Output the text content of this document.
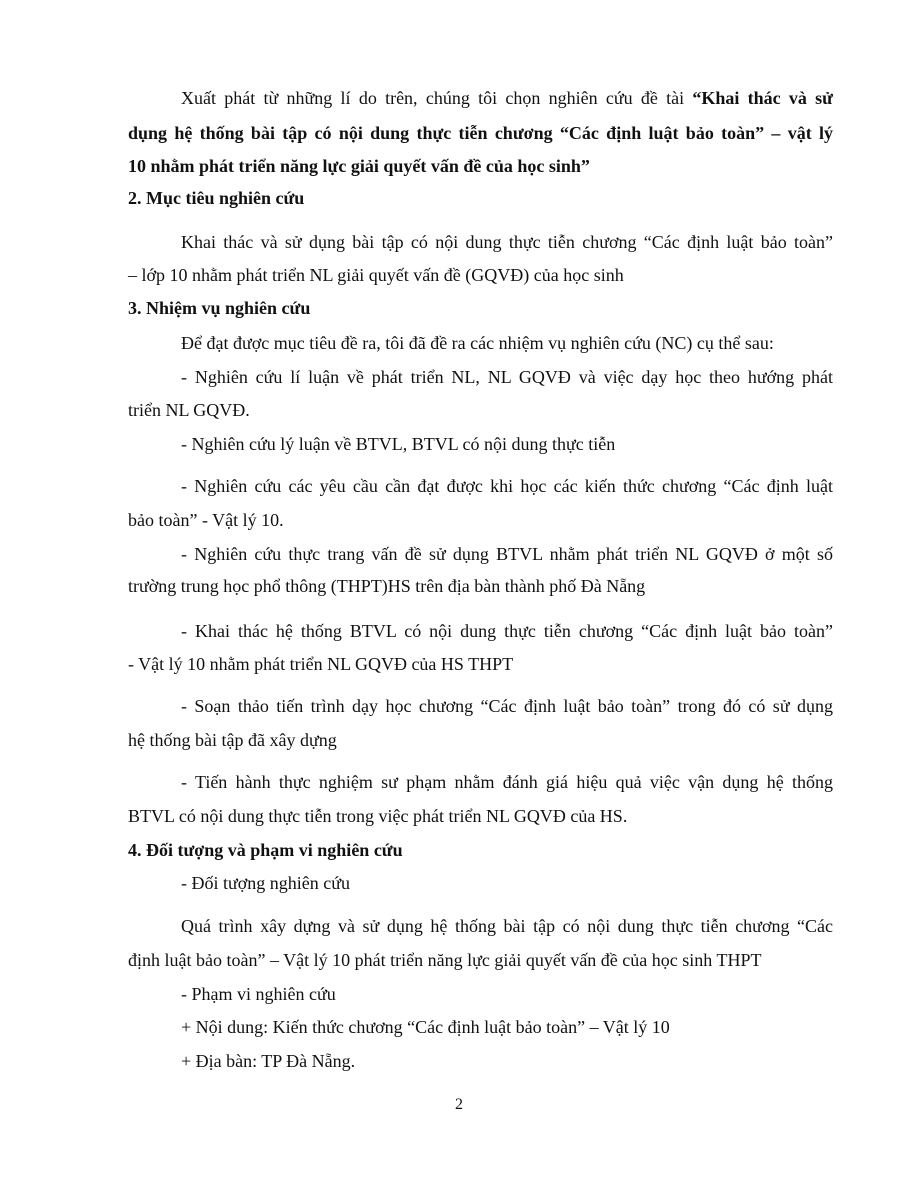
Xuất phát từ những lí do trên, chúng tôi chọn nghiên cứu đề tài “Khai thác và sử
dụng hệ thống bài tập có nội dung thực tiễn chương “Các định luật bảo toàn” – vật lý
10 nhằm phát triển năng lực giải quyết vấn đề của học sinh”
2. Mục tiêu nghiên cứu
Khai thác và sử dụng bài tập có nội dung thực tiễn chương “Các định luật bảo toàn”
– lớp 10 nhằm phát triển NL giải quyết vấn đề (GQVĐ) của học sinh
3. Nhiệm vụ nghiên cứu
Để đạt được mục tiêu đề ra, tôi đã đề ra các nhiệm vụ nghiên cứu (NC) cụ thể sau:
- Nghiên cứu lí luận về phát triển NL, NL GQVĐ và việc dạy học theo hướng phát
triển NL GQVĐ.
- Nghiên cứu lý luận về BTVL, BTVL có nội dung thực tiễn
- Nghiên cứu các yêu cầu cần đạt được khi học các kiến thức chương “Các định luật
bảo toàn” - Vật lý 10.
- Nghiên cứu thực trang vấn đề sử dụng BTVL nhằm phát triển NL GQVĐ ở một số
trường trung học phổ thông (THPT)HS trên địa bàn thành phố Đà Nẵng
- Khai thác hệ thống BTVL có nội dung thực tiễn chương “Các định luật bảo toàn”
- Vật lý 10 nhằm phát triển NL GQVĐ của HS THPT
- Soạn thảo tiến trình dạy học chương “Các định luật bảo toàn” trong đó có sử dụng
hệ thống bài tập đã xây dựng
- Tiến hành thực nghiệm sư phạm nhằm đánh giá hiệu quả việc vận dụng hệ thống
BTVL có nội dung thực tiễn trong việc phát triển NL GQVĐ của HS.
4. Đối tượng và phạm vi nghiên cứu
- Đối tượng nghiên cứu
Quá trình xây dựng và sử dụng hệ thống bài tập có nội dung thực tiễn chương “Các
định luật bảo toàn” – Vật lý 10 phát triển năng lực giải quyết vấn đề của học sinh THPT
- Phạm vi nghiên cứu
+ Nội dung: Kiến thức chương “Các định luật bảo toàn” – Vật lý 10
+ Địa bàn: TP Đà Nẵng.
2
